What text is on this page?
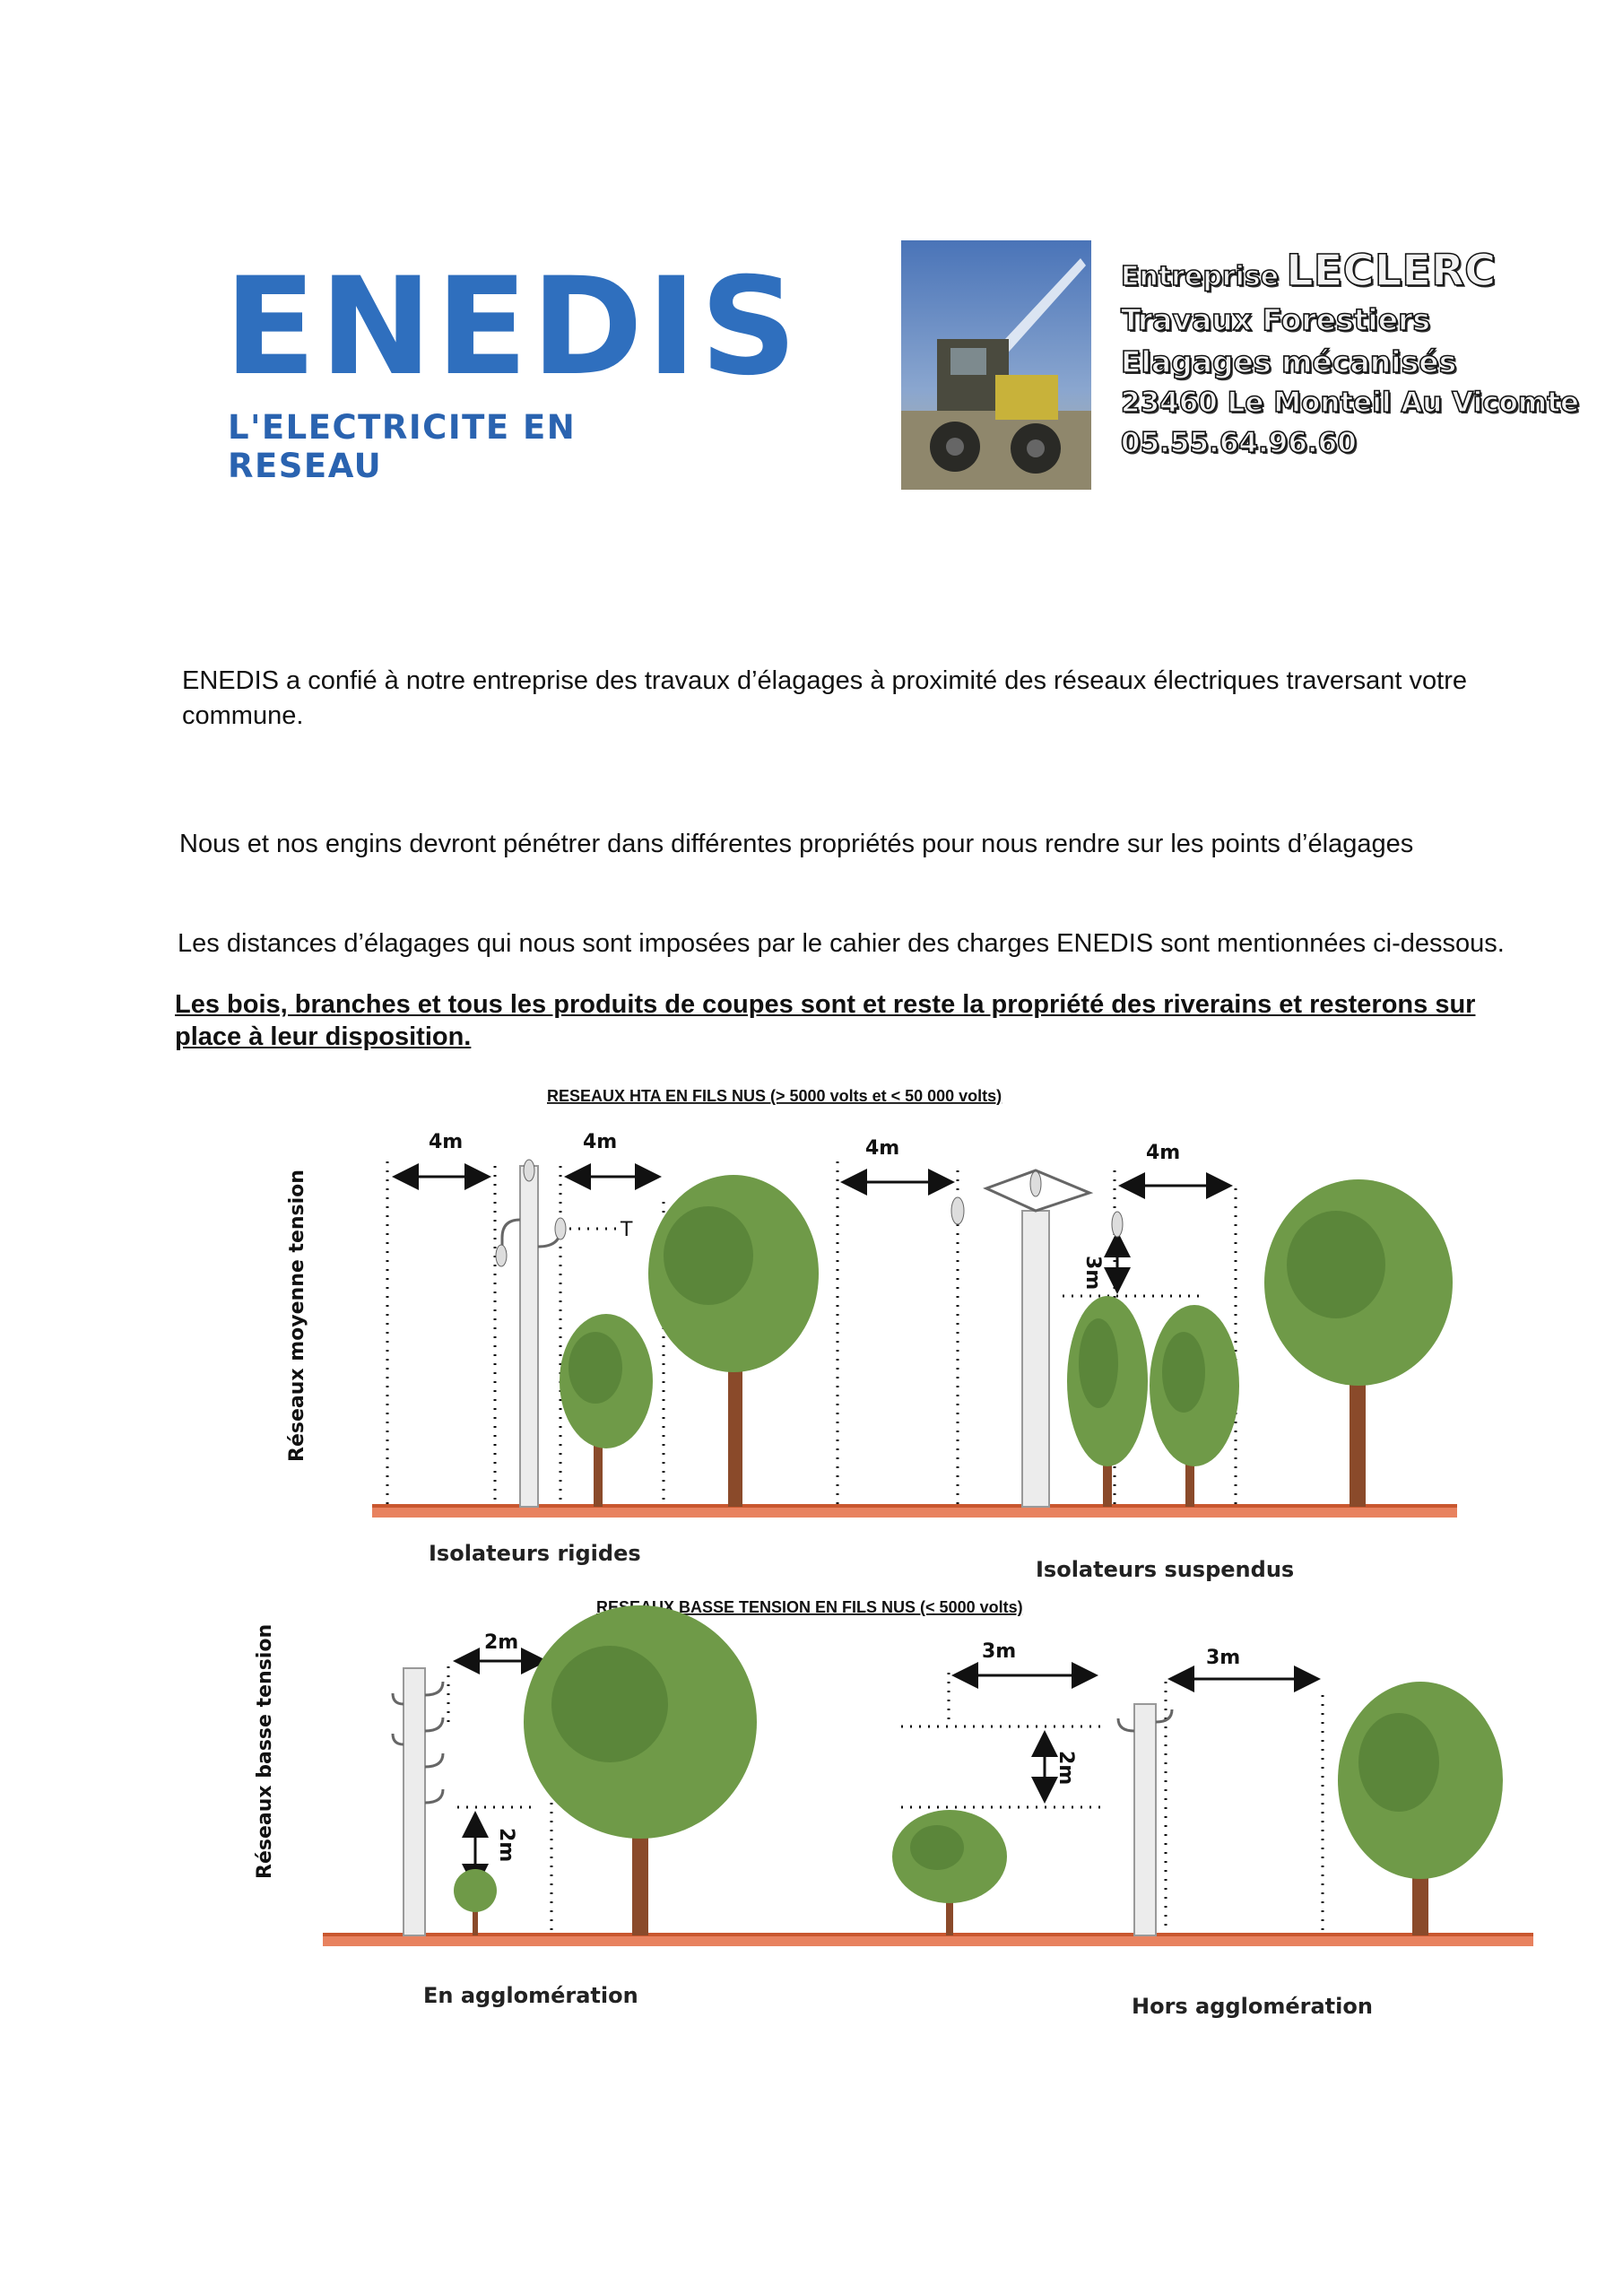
ENEDIS
L'ELECTRICITE EN RESEAU
Entreprise LECLERC
Travaux Forestiers
Elagages mécanisés
23460 Le Monteil Au Vicomte
05.55.64.96.60
ENEDIS a confié à notre entreprise des travaux d’élagages à proximité des réseaux électriques traversant votre commune.
Nous et nos engins devront pénétrer dans différentes propriétés pour nous rendre sur les points d’élagages
Les distances d’élagages qui nous sont imposées par le cahier des charges ENEDIS sont mentionnées ci-dessous.
Les bois, branches et tous les produits de coupes sont et reste la propriété des riverains et resterons sur place à leur disposition.
RESEAUX HTA EN FILS NUS (> 5000 volts et < 50 000 volts)
Réseaux moyenne tension
4m	4m	4m	4m
3m
T
Isolateurs rigides
Isolateurs suspendus
RESEAUX BASSE TENSION EN FILS NUS (< 5000 volts)
Réseaux basse tension	2m
2m
3m	3m
2m
En agglomération	Hors agglomération
